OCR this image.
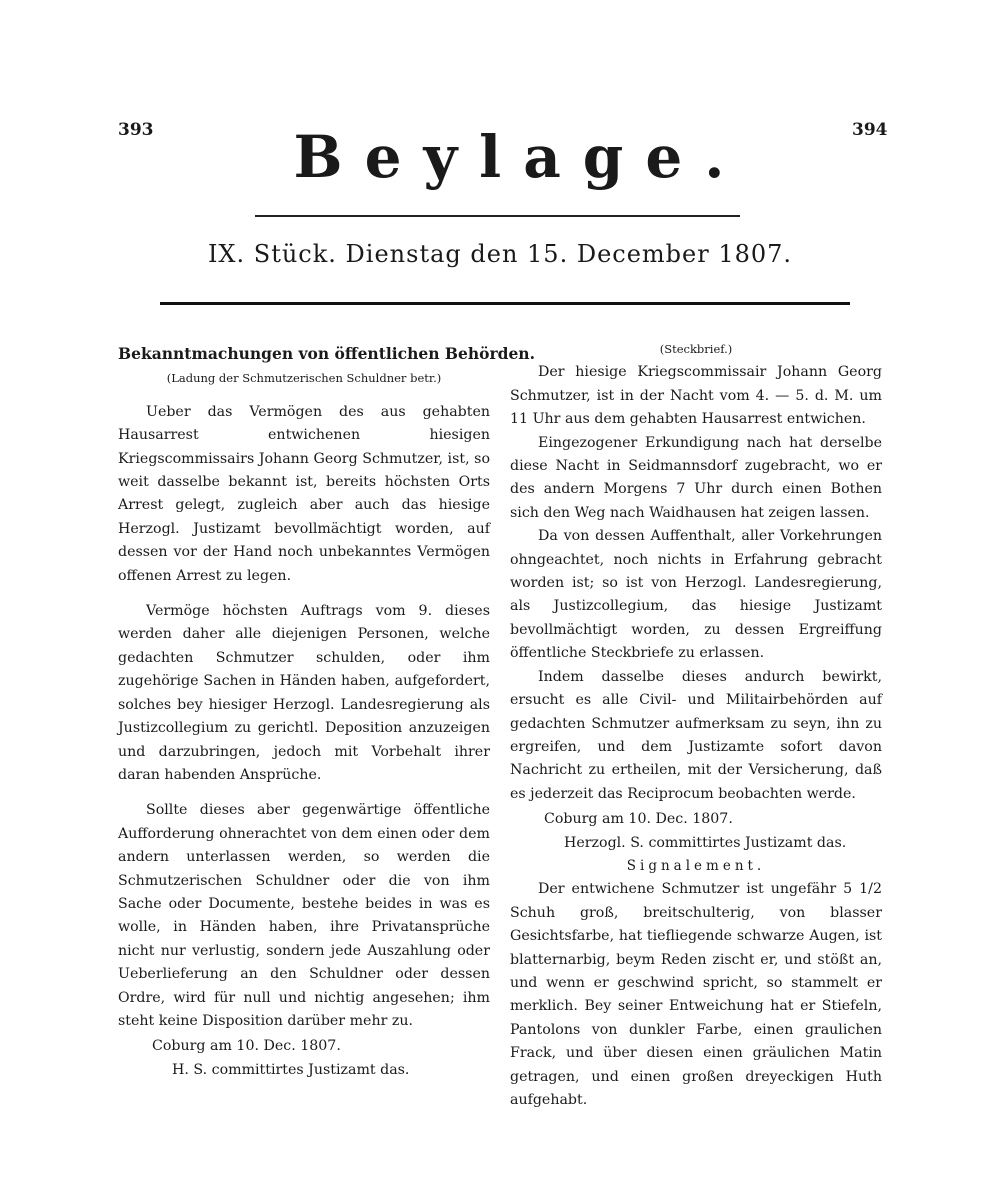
393	394
Beylage.
IX. Stück. Dienstag den 15. December 1807.
Bekanntmachungen von öffentlichen Behörden.
(Ladung der Schmutzerischen Schuldner betr.)

Ueber das Vermögen des aus gehabten Hausarrest entwichenen hiesigen Kriegscommissairs Johann Georg Schmutzer, ist, so weit dasselbe bekannt ist, bereits höchsten Orts Arrest gelegt, zugleich aber auch das hiesige Herzogl. Justizamt bevollmächtigt worden, auf dessen vor der Hand noch unbekanntes Vermögen offenen Arrest zu legen.

Vermöge höchsten Auftrags vom 9. dieses werden daher alle diejenigen Personen, welche gedachten Schmutzer schulden, oder ihm zugehörige Sachen in Händen haben, aufgefordert, solches bey hiesiger Herzogl. Landesregierung als Justizcollegium zu gerichtl. Deposition anzuzeigen und darzubringen, jedoch mit Vorbehalt ihrer daran habenden Ansprüche.

Sollte dieses aber gegenwärtige öffentliche Aufforderung ohnerachtet von dem einen oder dem andern unterlassen werden, so werden die Schmutzerischen Schuldner oder die von ihm Sache oder Documente, bestehe beides in was es wolle, in Händen haben, ihre Privatansprüche nicht nur verlustig, sondern jede Auszahlung oder Ueberlieferung an den Schuldner oder dessen Ordre, wird für null und nichtig angesehen; ihm steht keine Disposition darüber mehr zu.

Coburg am 10. Dec. 1807.

H. S. committirtes Justizamt das.

(Steckbrief.)

Der hiesige Kriegscommissair Johann Georg Schmutzer, ist in der Nacht vom 4. — 5. d. M. um 11 Uhr aus dem gehabten Hausarrest entwichen.

Eingezogener Erkundigung nach hat derselbe diese Nacht in Seidmannsdorf zugebracht, wo er des andern Morgens 7 Uhr durch einen Bothen sich den Weg nach Waidhausen hat zeigen lassen.

Da von dessen Auffenthalt, aller Vorkehrungen ohngeachtet, noch nichts in Erfahrung gebracht worden ist; so ist von Herzogl. Landesregierung, als Justizcollegium, das hiesige Justizamt bevollmächtigt worden, zu dessen Ergreiffung öffentliche Steckbriefe zu erlassen.

Indem dasselbe dieses andurch bewirkt, ersucht es alle Civil- und Militairbehörden auf gedachten Schmutzer aufmerksam zu seyn, ihn zu ergreifen, und dem Justizamte sofort davon Nachricht zu ertheilen, mit der Versicherung, daß es jederzeit das Reciprocum beobachten werde.

Coburg am 10. Dec. 1807.

Herzogl. S. committirtes Justizamt das.

Signalement.

Der entwichene Schmutzer ist ungefähr 5 1/2 Schuh groß, breitschulterig, von blasser Gesichtsfarbe, hat tiefliegende schwarze Augen, ist blatternarbig, beym Reden zischt er, und stößt an, und wenn er geschwind spricht, so stammelt er merklich. Bey seiner Entweichung hat er Stiefeln, Pantolons von dunkler Farbe, einen graulichen Frack, und über diesen einen gräulichen Matin getragen, und einen großen dreyeckigen Huth aufgehabt.
